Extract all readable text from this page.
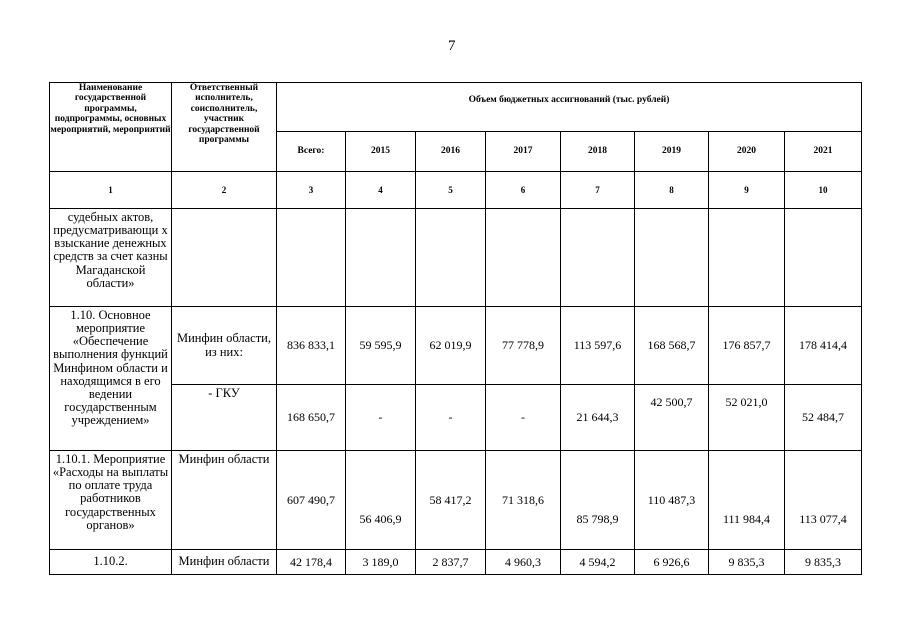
7
Наименование государственной программы, подпрограммы, основных мероприятий, мероприятий	Ответственный исполнитель, соисполнитель, участник государственной программы	Объем бюджетных ассигнований (тыс. рублей)							
		Всего:	2015	2016	2017	2018	2019	2020	2021
1	2	3	4	5	6	7	8	9	10
судебных актов, предусматривающи х взыскание денежных средств за счет казны Магаданской области»									
1.10. Основное мероприятие «Обеспечение выполнения функций Минфином области и находящимся в его ведении государственным учреждением»	Минфин области, из них:	836 833,1	59 595,9	62 019,9	77 778,9	113 597,6	168 568,7	176 857,7	178 414,4
	- ГКУ	168 650,7	-	-	-	21 644,3	42 500,7	52 021,0	52 484,7
1.10.1. Мероприятие «Расходы на выплаты по оплате труда работников государственных органов»	Минфин области	607 490,7	56 406,9	58 417,2	71 318,6	85 798,9	110 487,3	111 984,4	113 077,4
1.10.2.	Минфин области	42 178,4	3 189,0	2 837,7	4 960,3	4 594,2	6 926,6	9 835,3	9 835,3
